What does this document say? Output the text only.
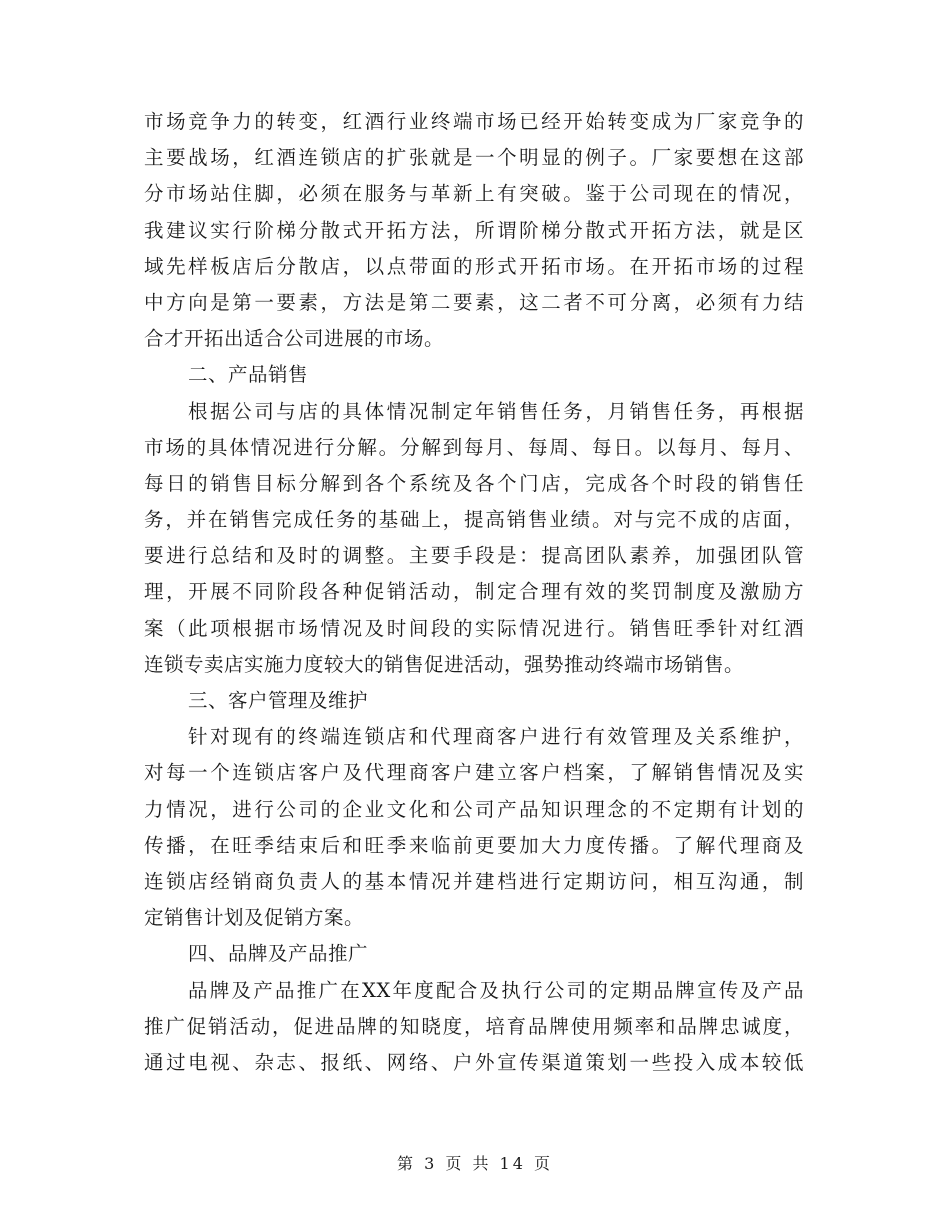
市场竞争力的转变，红酒行业终端市场已经开始转变成为厂家竞争的
主要战场，红酒连锁店的扩张就是一个明显的例子。厂家要想在这部
分市场站住脚，必须在服务与革新上有突破。鉴于公司现在的情况，
我建议实行阶梯分散式开拓方法，所谓阶梯分散式开拓方法，就是区
域先样板店后分散店，以点带面的形式开拓市场。在开拓市场的过程
中方向是第一要素，方法是第二要素，这二者不可分离，必须有力结
合才开拓出适合公司进展的市场。
二、产品销售
根据公司与店的具体情况制定年销售任务，月销售任务，再根据
市场的具体情况进行分解。分解到每月、每周、每日。以每月、每月、
每日的销售目标分解到各个系统及各个门店，完成各个时段的销售任
务，并在销售完成任务的基础上，提高销售业绩。对与完不成的店面，
要进行总结和及时的调整。主要手段是：提高团队素养，加强团队管
理，开展不同阶段各种促销活动，制定合理有效的奖罚制度及激励方
案（此项根据市场情况及时间段的实际情况进行。销售旺季针对红酒
连锁专卖店实施力度较大的销售促进活动，强势推动终端市场销售。
三、客户管理及维护
针对现有的终端连锁店和代理商客户进行有效管理及关系维护，
对每一个连锁店客户及代理商客户建立客户档案，了解销售情况及实
力情况，进行公司的企业文化和公司产品知识理念的不定期有计划的
传播，在旺季结束后和旺季来临前更要加大力度传播。了解代理商及
连锁店经销商负责人的基本情况并建档进行定期访问，相互沟通，制
定销售计划及促销方案。
四、品牌及产品推广
品牌及产品推广在XX年度配合及执行公司的定期品牌宣传及产品
推广促销活动，促进品牌的知晓度，培育品牌使用频率和品牌忠诚度，
通过电视、杂志、报纸、网络、户外宣传渠道策划一些投入成本较低
第 3 页 共 14 页
